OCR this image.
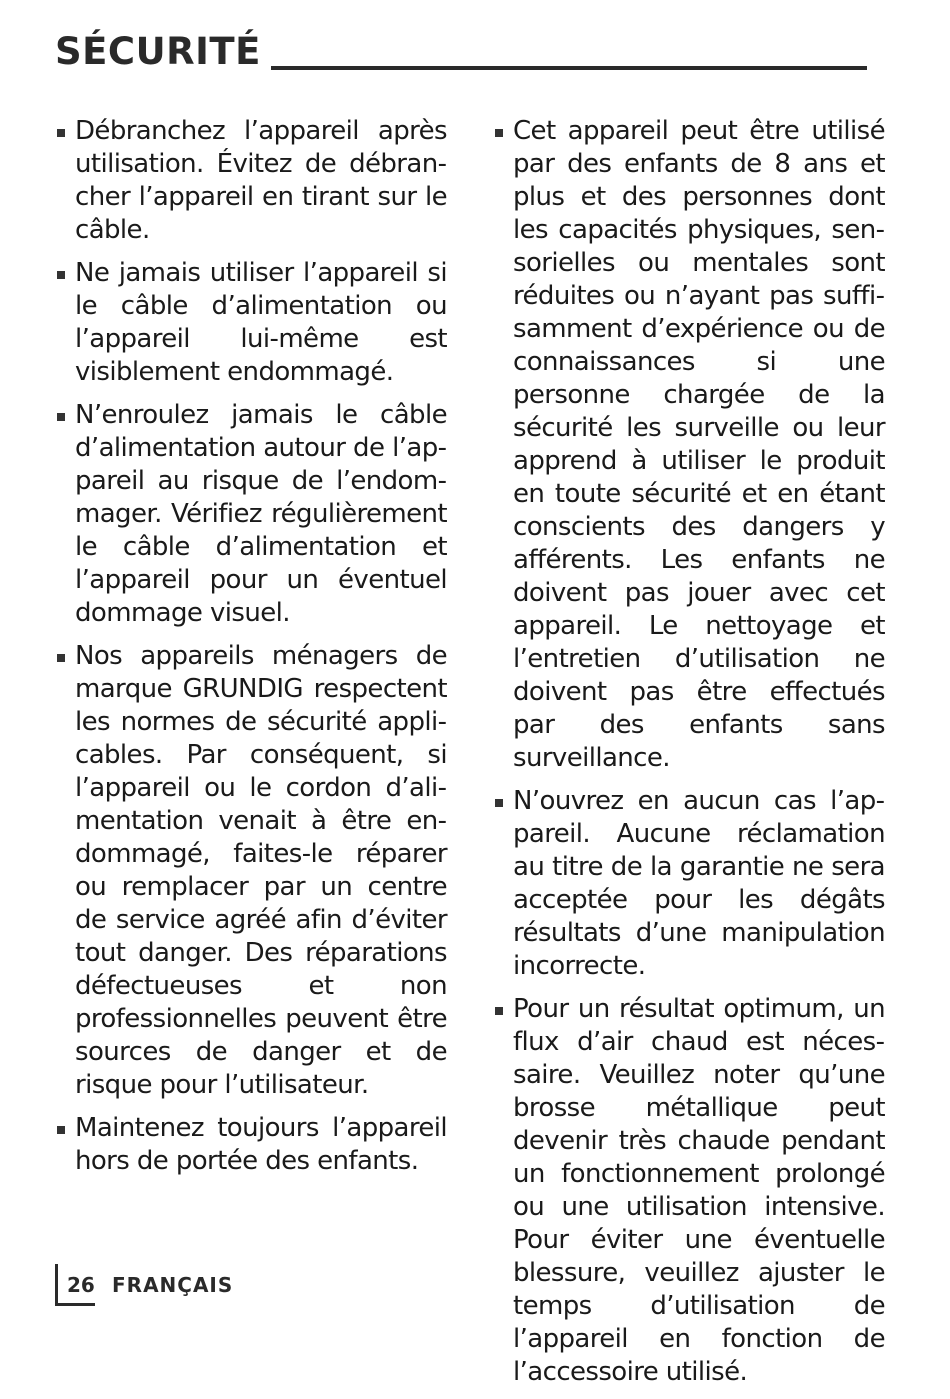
SÉCURITÉ
Débranchez l’appareil après utilisation. Évitez de débrancher l’appareil en tirant sur le câble.
Ne jamais utiliser l’appareil si le câble d’alimentation ou l’appareil lui-même est visiblement endommagé.
N’enroulez jamais le câble d’alimentation autour de l’appareil au risque de l’endommager. Vérifiez régulièrement le câble d’alimentation et l’appareil pour un éventuel dommage visuel.
Nos appareils ménagers de marque GRUNDIG respectent les normes de sécurité applicables. Par conséquent, si l’appareil ou le cordon d’alimentation venait à être endommagé, faites-le réparer ou remplacer par un centre de service agréé afin d’éviter tout danger. Des réparations défectueuses et non professionnelles peuvent être sources de danger et de risque pour l’utilisateur.
Maintenez toujours l’appareil hors de portée des enfants.
Cet appareil peut être utilisé par des enfants de 8 ans et plus et des personnes dont les capacités physiques, sensorielles ou mentales sont réduites ou n’ayant pas suffisamment d’expérience ou de connaissances si une personne chargée de la sécurité les surveille ou leur apprend à utiliser le produit en toute sécurité et en étant conscients des dangers y afférents. Les enfants ne doivent pas jouer avec cet appareil. Le nettoyage et l’entretien d’utilisation ne doivent pas être effectués par des enfants sans surveillance.
N’ouvrez en aucun cas l’appareil. Aucune réclamation au titre de la garantie ne sera acceptée pour les dégâts résultats d’une manipulation incorrecte.
Pour un résultat optimum, un flux d’air chaud est nécessaire. Veuillez noter qu’une brosse métallique peut devenir très chaude pendant un fonctionnement prolongé ou une utilisation intensive. Pour éviter une éventuelle blessure, veuillez ajuster le temps d’utilisation de l’appareil en fonction de l’accessoire utilisé.
26 FRANÇAIS
